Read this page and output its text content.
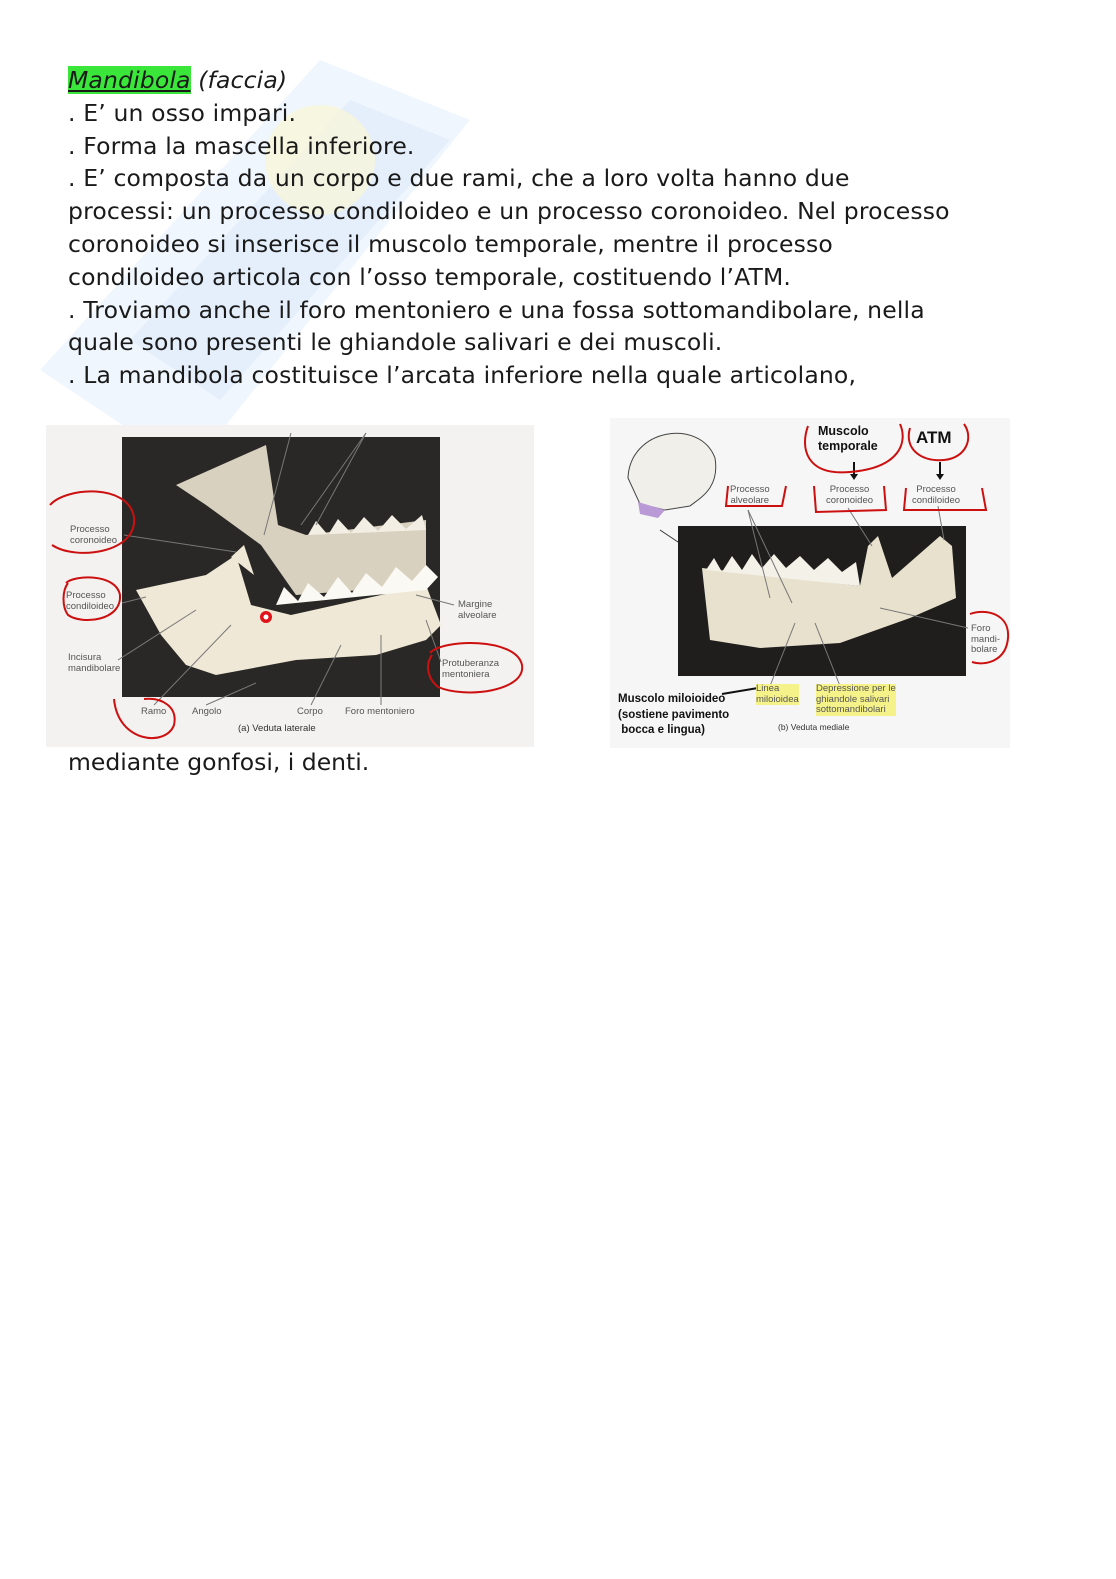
Mandibola (faccia)

. E’ un osso impari.

. Forma la mascella inferiore.

. E’ composta da un corpo e due rami, che a loro volta hanno due

processi: un processo condiloideo e un processo coronoideo. Nel processo

coronoideo si inserisce il muscolo temporale, mentre il processo

condiloideo articola con l’osso temporale, costituendo l’ATM.

. Troviamo anche il foro mentoniero e una fossa sottomandibolare, nella

quale sono presenti le ghiandole salivari e dei muscoli.

. La mandibola costituisce l’arcata inferiore nella quale articolano,

Processo
coronoideo
Processo
condiloideo
Incisura
mandibolare
Margine
alveolare
Protuberanza
mentoniera
Ramo	Angolo	Corpo Foro mentoniero
(a) Veduta laterale
Processo
alveolare
Processo
coronoideo
Processo
condiloideo
Muscolo
temporale ATM
Foro
mandi-
bolare
Muscolo miloioideo
(sostiene pavimento
bocca e lingua)
Linea
miloioidea
Depressione per le
ghiandole salivari
sottomandibolari
(b) Veduta mediale
mediante gonfosi, i denti.
